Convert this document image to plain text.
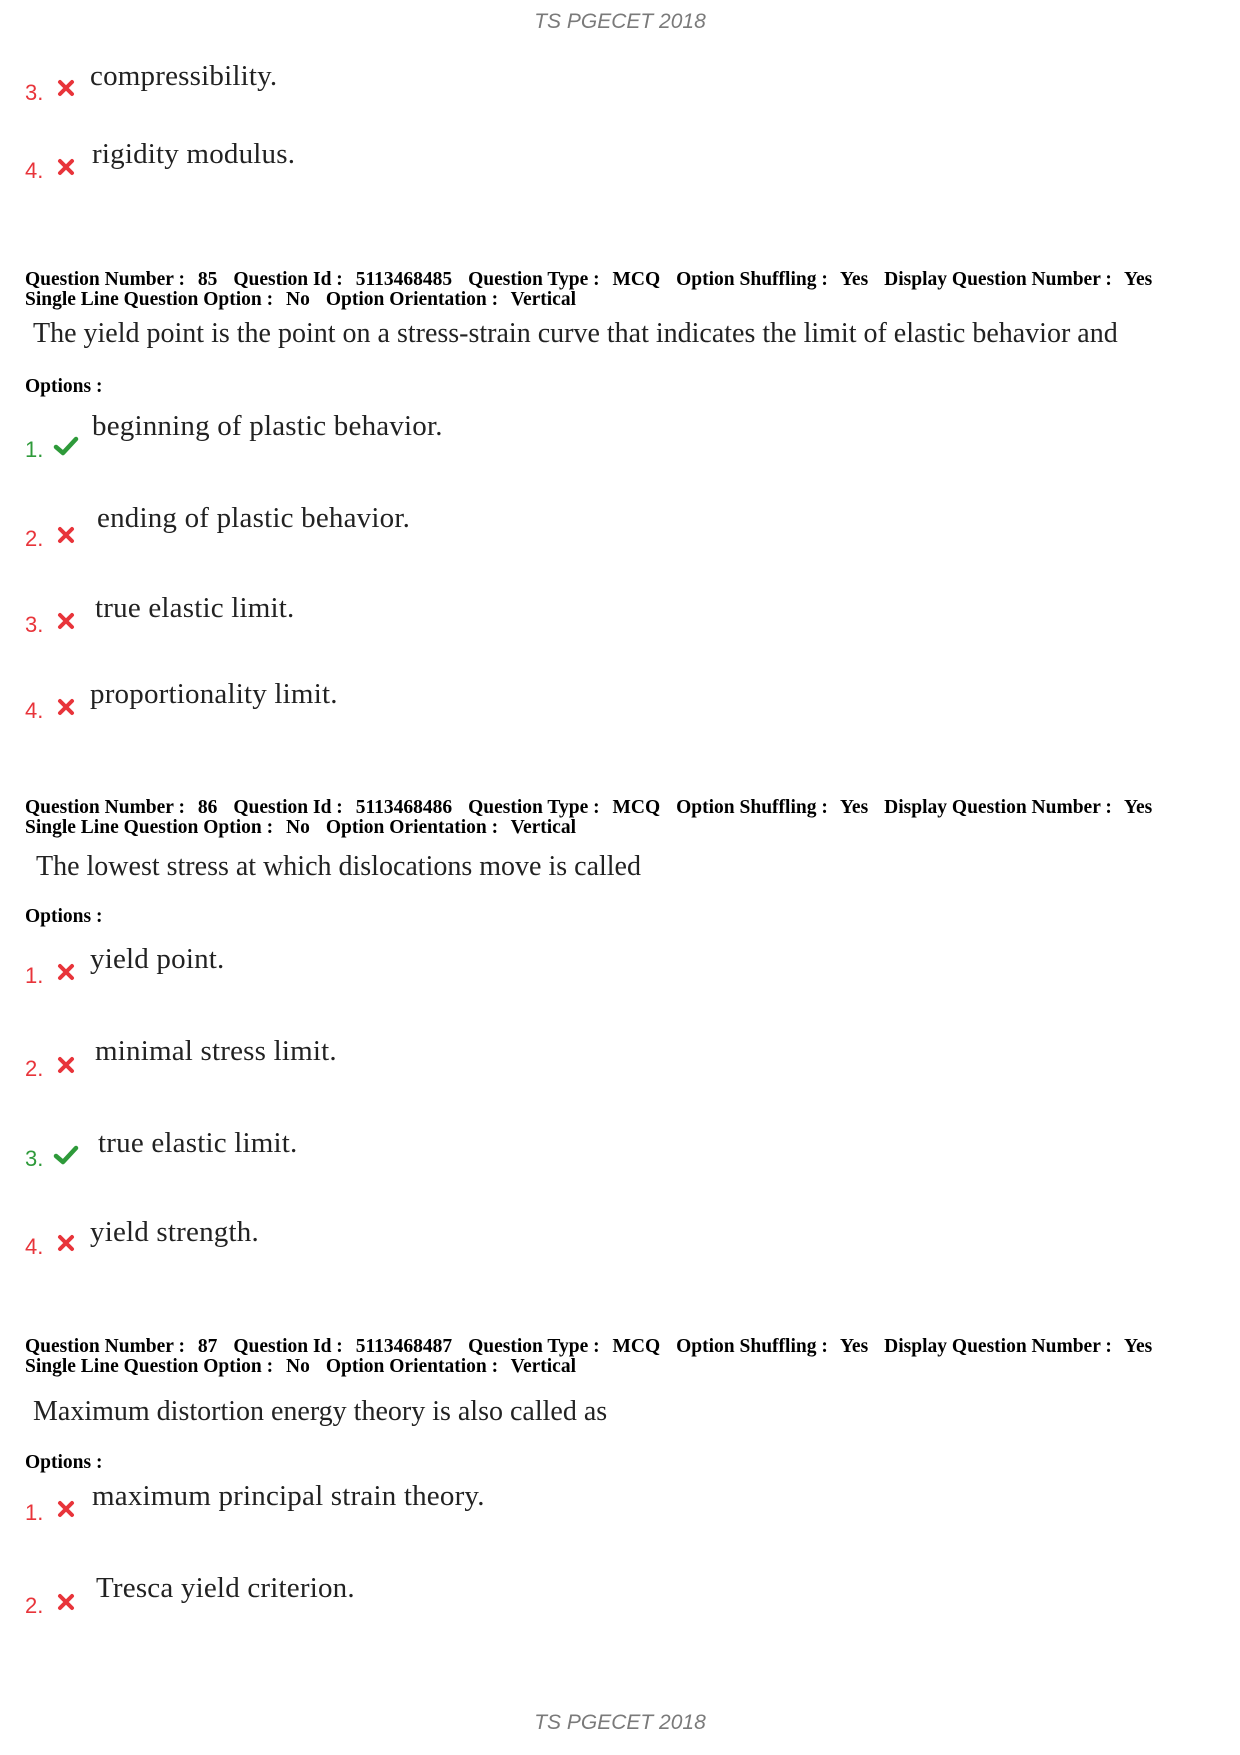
TS PGECET 2018
3.
compressibility.
4.
rigidity modulus.
Question Number : 85 Question Id : 5113468485 Question Type : MCQ Option Shuffling : Yes Display Question Number : Yes
Single Line Question Option : No Option Orientation : Vertical
The yield point is the point on a stress-strain curve that indicates the limit of elastic behavior and
Options :
1.
beginning of plastic behavior.
2.
ending of plastic behavior.
3.
true elastic limit.
4.
proportionality limit.
Question Number : 86 Question Id : 5113468486 Question Type : MCQ Option Shuffling : Yes Display Question Number : Yes
Single Line Question Option : No Option Orientation : Vertical
The lowest stress at which dislocations move is called
Options :
1.
yield point.
2.
minimal stress limit.
3. true elastic limit.
4. yield strength.
Question Number : 87 Question Id : 5113468487 Question Type : MCQ Option Shuffling : Yes Display Question Number : Yes
Single Line Question Option : No Option Orientation : Vertical
Maximum distortion energy theory is also called as
Options :
1.
maximum principal strain theory.
2.
Tresca yield criterion.
TS PGECET 2018
